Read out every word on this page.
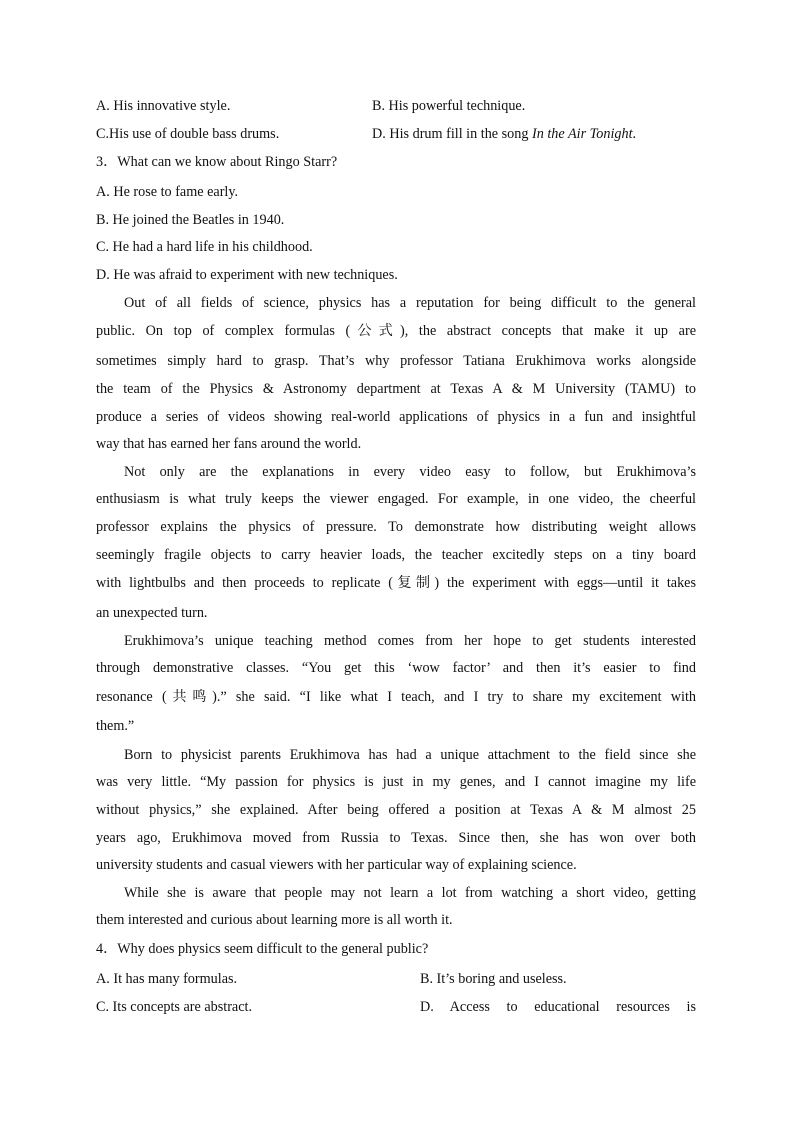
A. His innovative style.	B. His powerful technique.
C.His use of double bass drums.	D. His drum fill in the song In the Air Tonight.
3．What can we know about Ringo Starr?
A. He rose to fame early.
B. He joined the Beatles in 1940.
C. He had a hard life in his childhood.
D. He was afraid to experiment with new techniques.
Out of all fields of science, physics has a reputation for being difficult to the general
public. On top of complex formulas (公式), the abstract concepts that make it up are
sometimes simply hard to grasp. That’s why professor Tatiana Erukhimova works alongside
the team of the Physics & Astronomy department at Texas A & M University (TAMU) to
produce a series of videos showing real-world applications of physics in a fun and insightful
way that has earned her fans around the world.
Not only are the explanations in every video easy to follow, but Erukhimova’s
enthusiasm is what truly keeps the viewer engaged. For example, in one video, the cheerful
professor explains the physics of pressure. To demonstrate how distributing weight allows
seemingly fragile objects to carry heavier loads, the teacher excitedly steps on a tiny board
with lightbulbs and then proceeds to replicate (复制) the experiment with eggs—until it takes
an unexpected turn.
Erukhimova’s unique teaching method comes from her hope to get students interested
through demonstrative classes. “You get this ‘wow factor’ and then it’s easier to find
resonance (共鸣).” she said. “I like what I teach, and I try to share my excitement with
them.”
Born to physicist parents Erukhimova has had a unique attachment to the field since she
was very little. “My passion for physics is just in my genes, and I cannot imagine my life
without physics,” she explained. After being offered a position at Texas A & M almost 25
years ago, Erukhimova moved from Russia to Texas. Since then, she has won over both
university students and casual viewers with her particular way of explaining science.
While she is aware that people may not learn a lot from watching a short video, getting
them interested and curious about learning more is all worth it.
4．Why does physics seem difficult to the general public?
A. It has many formulas.	B. It’s boring and useless.
C. Its concepts are abstract.	D. Access to educational resources is
